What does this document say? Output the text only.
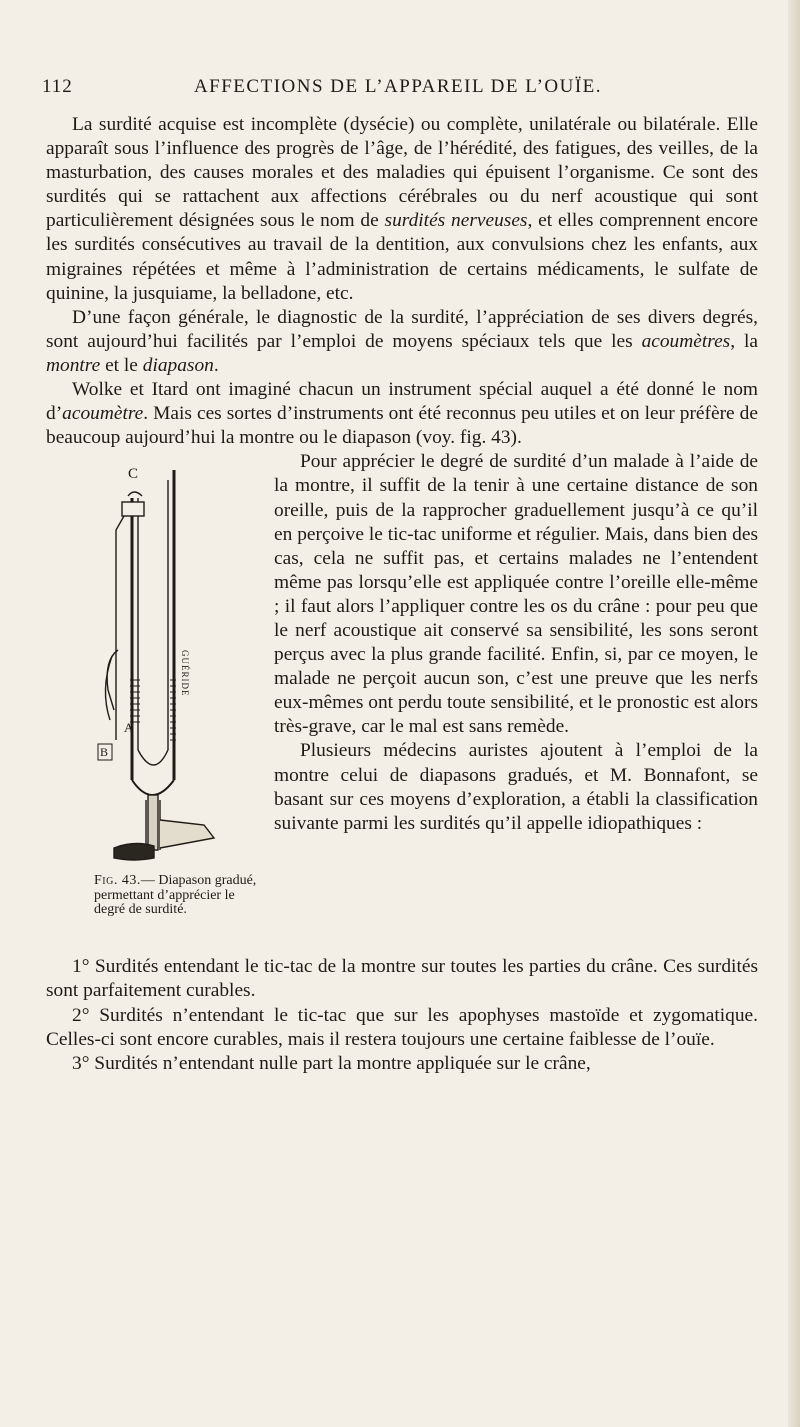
112	AFFECTIONS DE L’APPAREIL DE L’OUÏE.

La surdité acquise est incomplète (dysécie) ou complète, unilatérale ou bilatérale. Elle apparaît sous l’influence des progrès de l’âge, de l’hérédité, des fatigues, des veilles, de la masturbation, des causes morales et des maladies qui épuisent l’organisme. Ce sont des surdités qui se rattachent aux affections cérébrales ou du nerf acoustique qui sont particulièrement désignées sous le nom de surdités nerveuses, et elles comprennent encore les surdités consécutives au travail de la dentition, aux convulsions chez les enfants, aux migraines répétées et même à l’administration de certains médicaments, le sulfate de quinine, la jusquiame, la belladone, etc.

D’une façon générale, le diagnostic de la surdité, l’appréciation de ses divers degrés, sont aujourd’hui facilités par l’emploi de moyens spéciaux tels que les acoumètres, la montre et le diapason.

Wolke et Itard ont imaginé chacun un instrument spécial auquel a été donné le nom d’acoumètre. Mais ces sortes d’instruments ont été reconnus peu utiles et on leur préfère de beaucoup aujourd’hui la montre ou le diapason (voy. fig. 43).

C
GUÉRIDE
A
B
Fig. 43.— Diapason gradué, permettant d’apprécier le degré de surdité.

Pour apprécier le degré de surdité d’un malade à l’aide de la montre, il suffit de la tenir à une certaine distance de son oreille, puis de la rapprocher graduellement jusqu’à ce qu’il en perçoive le tic-tac uniforme et régulier. Mais, dans bien des cas, cela ne suffit pas, et certains malades ne l’entendent même pas lorsqu’elle est appliquée contre l’oreille elle-même ; il faut alors l’appliquer contre les os du crâne : pour peu que le nerf acoustique ait conservé sa sensibilité, les sons seront perçus avec la plus grande facilité. Enfin, si, par ce moyen, le malade ne perçoit aucun son, c’est une preuve que les nerfs eux-mêmes ont perdu toute sensibilité, et le pronostic est alors très-grave, car le mal est sans remède.

Plusieurs médecins auristes ajoutent à l’emploi de la montre celui de diapasons gradués, et M. Bonnafont, se basant sur ces moyens d’exploration, a établi la classification suivante parmi les surdités qu’il appelle idiopathiques :

1° Surdités entendant le tic-tac de la montre sur toutes les parties du crâne. Ces surdités sont parfaitement curables.

2° Surdités n’entendant le tic-tac que sur les apophyses mastoïde et zygomatique. Celles-ci sont encore curables, mais il restera toujours une certaine faiblesse de l’ouïe.

3° Surdités n’entendant nulle part la montre appliquée sur le crâne,
